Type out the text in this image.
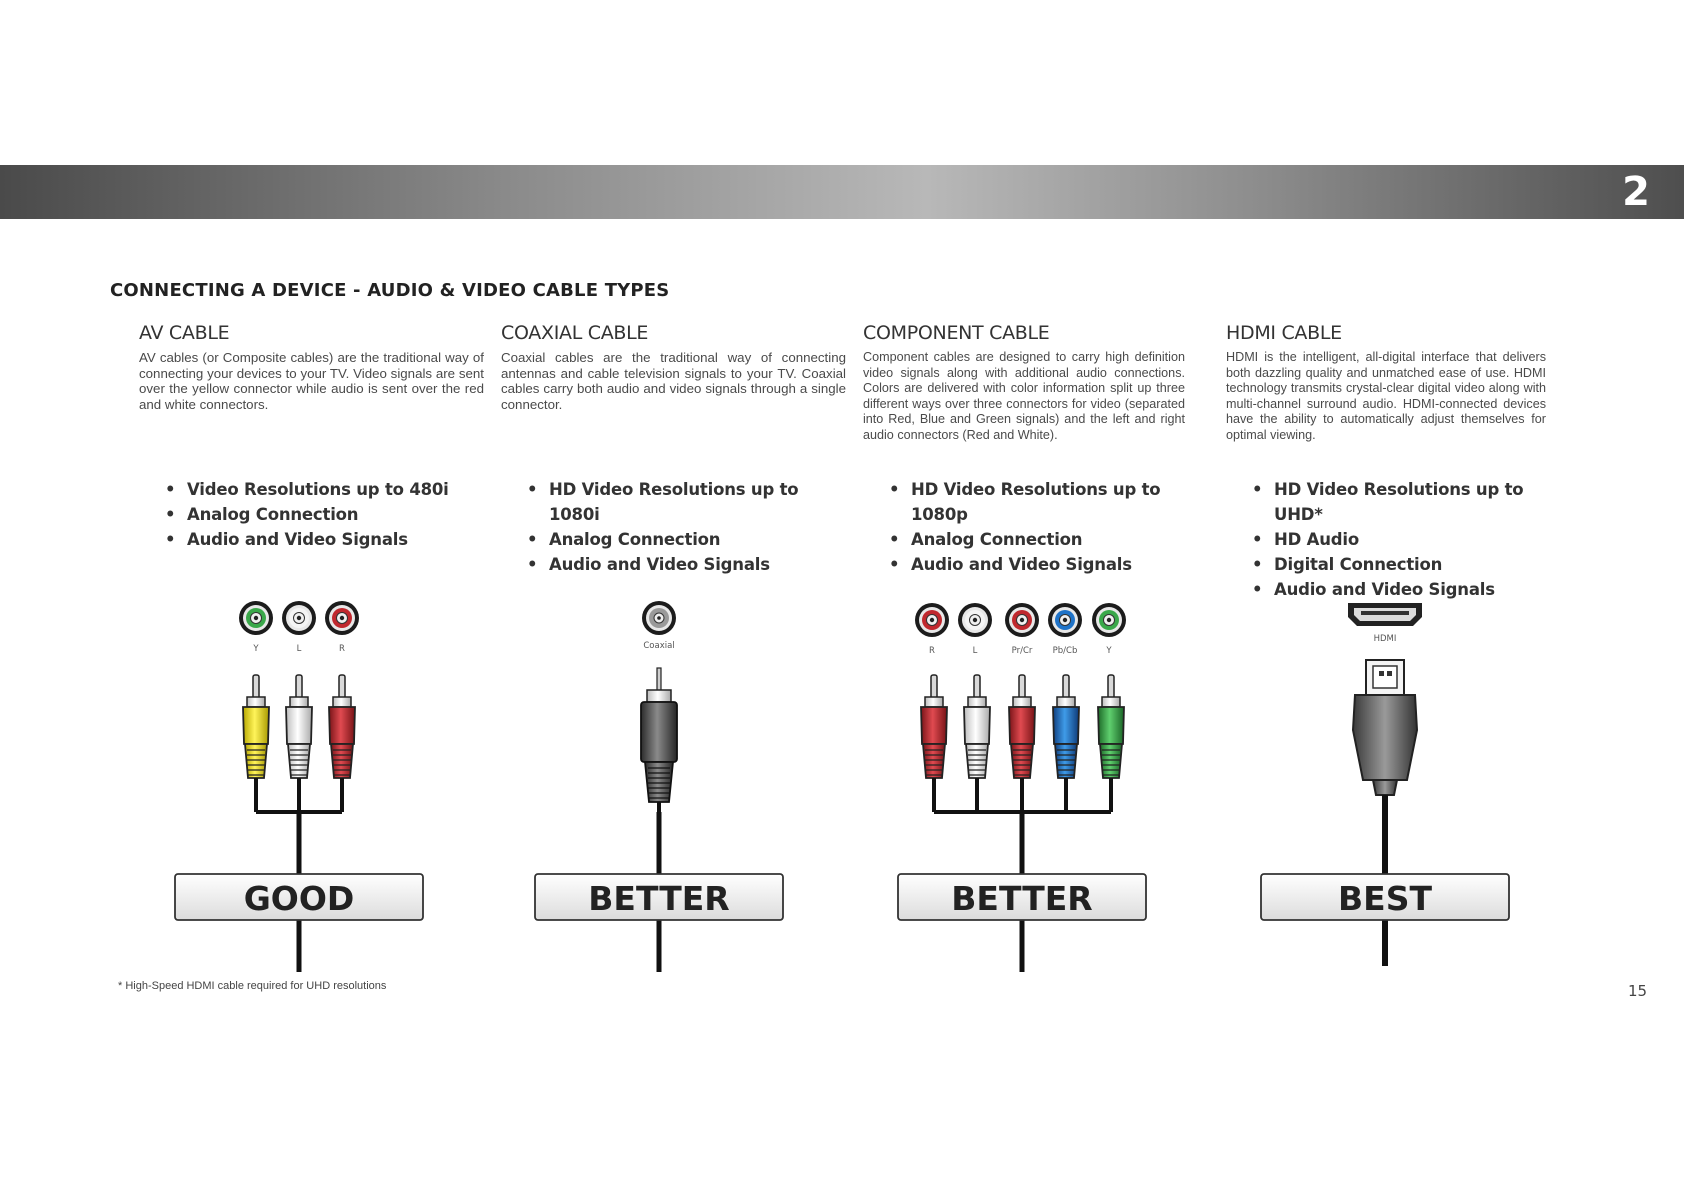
Y	L	R
GOOD
Coaxial
BETTER
R	L	Pr/Cr Pb/Cb	Y
BETTER
HDMI
BEST
2
CONNECTING A DEVICE - AUDIO & VIDEO CABLE TYPES
AV CABLE

AV cables (or Composite cables) are the traditional way of connecting your devices to your TV. Video signals are sent over the yellow connector while audio is sent over the red and white connectors.

• Video Resolutions up to 480i
• Analog Connection
• Audio and Video Signals
COAXIAL CABLE

Coaxial cables are the traditional way of connecting antennas and cable television signals to your TV. Coaxial cables carry both audio and video signals through a single connector.

• HD Video Resolutions up to 1080i
• Analog Connection
• Audio and Video Signals
COMPONENT CABLE

Component cables are designed to carry high definition video signals along with additional audio connections. Colors are delivered with color information split up three different ways over three connectors for video (separated into Red, Blue and Green signals) and the left and right audio connectors (Red and White).

• HD Video Resolutions up to 1080p
• Analog Connection
• Audio and Video Signals
HDMI CABLE

HDMI is the intelligent, all-digital interface that delivers both dazzling quality and unmatched ease of use. HDMI technology transmits crystal-clear digital video along with multi-channel surround audio. HDMI-connected devices have the ability to automatically adjust themselves for optimal viewing.

• HD Video Resolutions up to UHD*
• HD Audio
• Digital Connection
• Audio and Video Signals
* High-Speed HDMI cable required for UHD resolutions	15
